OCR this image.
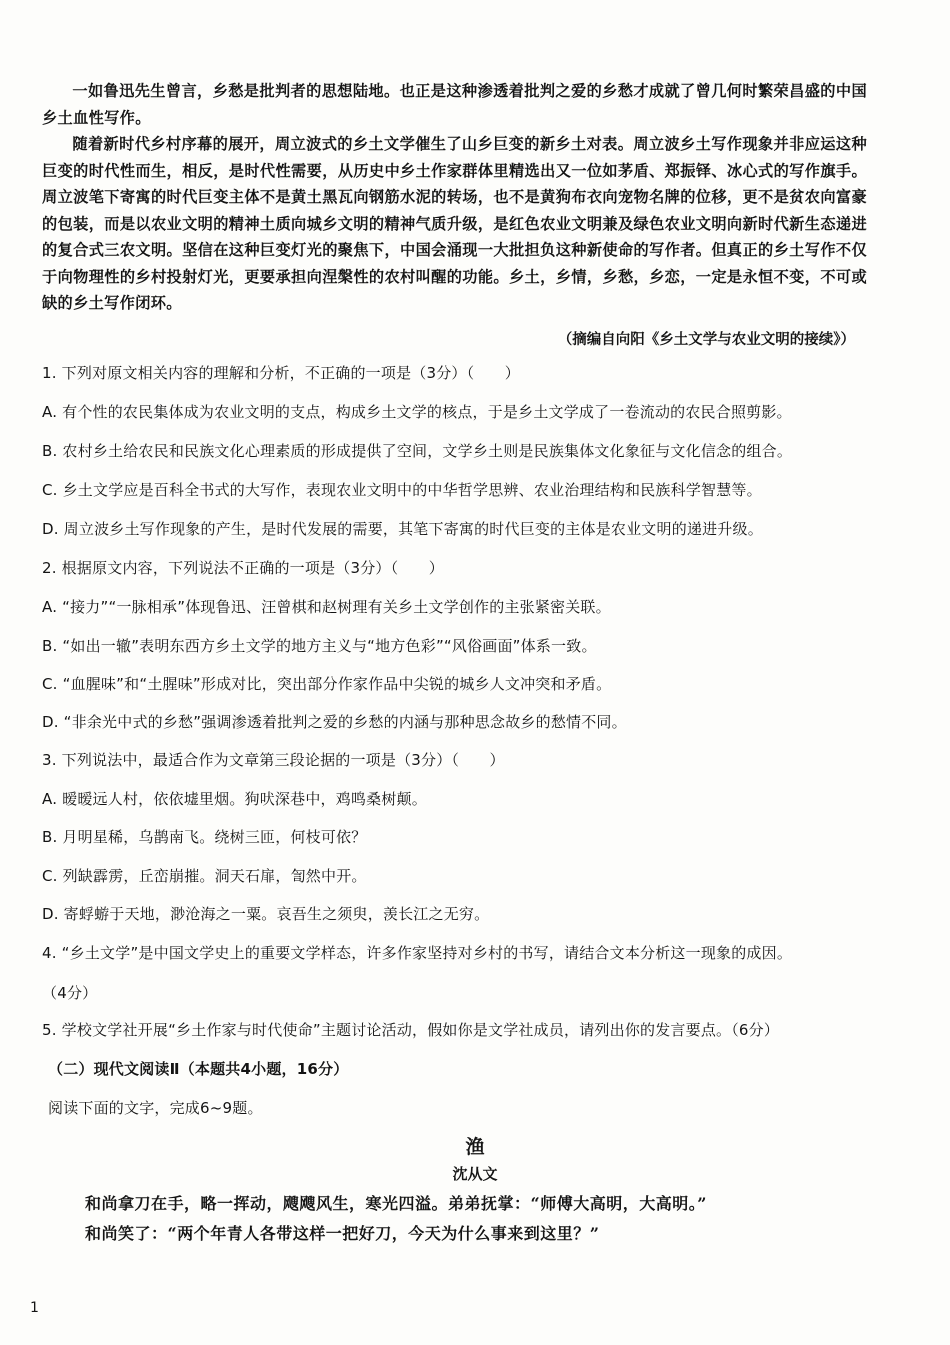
一如鲁迅先生曾言，乡愁是批判者的思想陆地。也正是这种渗透着批判之爱的乡愁才成就了曾几何时繁荣昌盛的中国乡土血性写作。
随着新时代乡村序幕的展开，周立波式的乡土文学催生了山乡巨变的新乡土对表。周立波乡土写作现象并非应运这种巨变的时代性而生，相反，是时代性需要，从历史中乡土作家群体里精选出又一位如茅盾、郑振铎、冰心式的写作旗手。周立波笔下寄寓的时代巨变主体不是黄土黑瓦向钢筋水泥的转场，也不是黄狗布衣向宠物名牌的位移，更不是贫农向富豪的包装，而是以农业文明的精神土质向城乡文明的精神气质升级，是红色农业文明兼及绿色农业文明向新时代新生态递进的复合式三农文明。坚信在这种巨变灯光的聚焦下，中国会涌现一大批担负这种新使命的写作者。但真正的乡土写作不仅于向物理性的乡村投射灯光，更要承担向涅槃性的农村叫醒的功能。乡土，乡情，乡愁，乡恋，一定是永恒不变，不可或缺的乡土写作闭环。
（摘编自向阳《乡土文学与农业文明的接续》）
1. 下列对原文相关内容的理解和分析，不正确的一项是（3分）（　　）
A. 有个性的农民集体成为农业文明的支点，构成乡土文学的核点，于是乡土文学成了一卷流动的农民合照剪影。
B. 农村乡土给农民和民族文化心理素质的形成提供了空间，文学乡土则是民族集体文化象征与文化信念的组合。
C. 乡土文学应是百科全书式的大写作，表现农业文明中的中华哲学思辨、农业治理结构和民族科学智慧等。
D. 周立波乡土写作现象的产生，是时代发展的需要，其笔下寄寓的时代巨变的主体是农业文明的递进升级。
2. 根据原文内容，下列说法不正确的一项是（3分）（　　）
A. “接力”“一脉相承”体现鲁迅、汪曾棋和赵树理有关乡土文学创作的主张紧密关联。
B. “如出一辙”表明东西方乡土文学的地方主义与“地方色彩”“风俗画面”体系一致。
C. “血腥味”和“土腥味”形成对比，突出部分作家作品中尖锐的城乡人文冲突和矛盾。
D. “非余光中式的乡愁”强调渗透着批判之爱的乡愁的内涵与那种思念故乡的愁情不同。
3. 下列说法中，最适合作为文章第三段论据的一项是（3分）（　　）
A. 暧暧远人村，依依墟里烟。狗吠深巷中，鸡鸣桑树颠。
B. 月明星稀，乌鹊南飞。绕树三匝，何枝可依？
C. 列缺霹雳，丘峦崩摧。洞天石扉，訇然中开。
D. 寄蜉蝣于天地，渺沧海之一粟。哀吾生之须臾，羡长江之无穷。
4. “乡土文学”是中国文学史上的重要文学样态，许多作家坚持对乡村的书写，请结合文本分析这一现象的成因。
（4分）
5. 学校文学社开展“乡土作家与时代使命”主题讨论活动，假如你是文学社成员，请列出你的发言要点。（6分）
（二）现代文阅读Ⅱ（本题共4小题，16分）
阅读下面的文字，完成6~9题。
渔
沈从文
和尚拿刀在手，略一挥动，飕飕风生，寒光四溢。弟弟抚掌：“师傅大高明，大高明。”
和尚笑了：“两个年青人各带这样一把好刀，今天为什么事来到这里？”
1
